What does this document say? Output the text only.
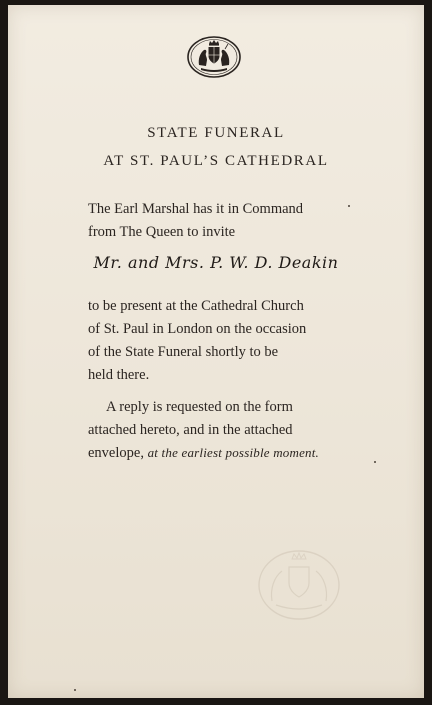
STATE FUNERAL
AT ST. PAUL’S CATHEDRAL
The Earl Marshal has it in Command
from The Queen to invite
Mr. and Mrs. P. W. D. Deakin
to be present at the Cathedral Church
of St. Paul in London on the occasion
of the State Funeral shortly to be
held there.
A reply is requested on the form
attached hereto, and in the attached
envelope, at the earliest possible moment.
